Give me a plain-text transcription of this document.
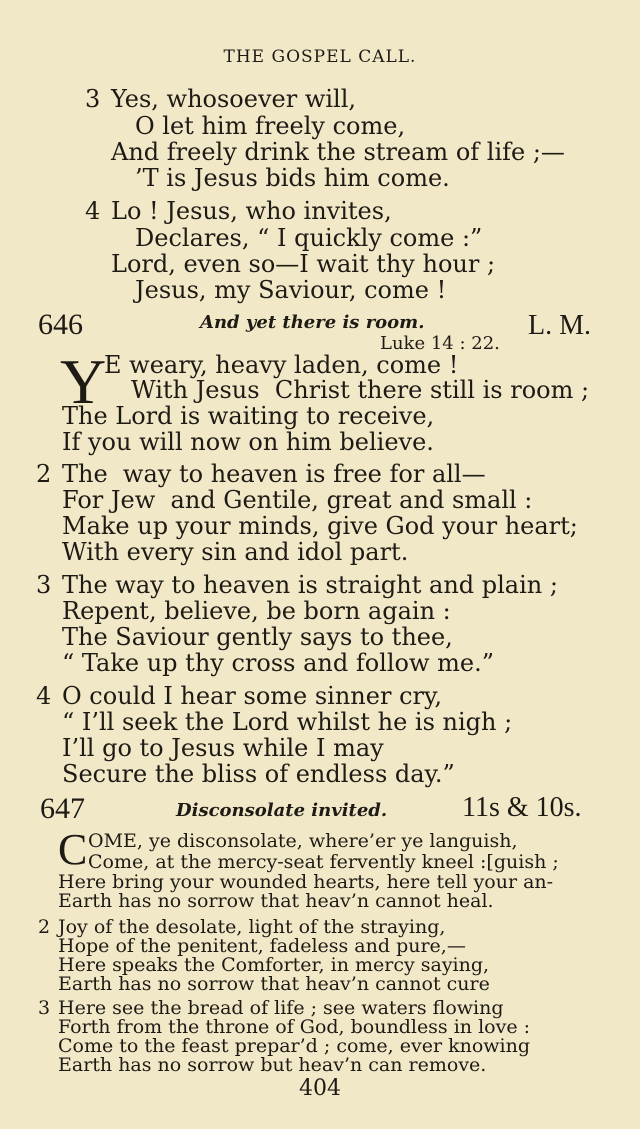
THE GOSPEL CALL.
3 Yes, whosoever will,
O let him freely come,
And freely drink the stream of life ;—
’T is Jesus bids him come.
4 Lo ! Jesus, who invites,
Declares, “ I quickly come :”
Lord, even so—I wait thy hour ;
Jesus, my Saviour, come !
646	And yet there is room.
Luke 14 : 22.
L. M.
Y
E weary, heavy laden, come !
With Jesus  Christ there still is room ;
The Lord is waiting to receive,
If you will now on him believe.
2 The  way to heaven is free for all—
For Jew  and Gentile, great and small :
Make up your minds, give God your heart;
With every sin and idol part.
3 The way to heaven is straight and plain ;
Repent, believe, be born again :
The Saviour gently says to thee,
“ Take up thy cross and follow me.”
4 O could I hear some sinner cry,
“ I’ll seek the Lord whilst he is nigh ;
I’ll go to Jesus while I may
Secure the bliss of endless day.”
647	Disconsolate invited.	11s & 10s.
C OME, ye disconsolate, where’er ye languish,
Come, at the mercy-seat fervently kneel :[guish ;
Here bring your wounded hearts, here tell your an-
Earth has no sorrow that heav’n cannot heal.
2 Joy of the desolate, light of the straying,
Hope of the penitent, fadeless and pure,—
Here speaks the Comforter, in mercy saying,
Earth has no sorrow that heav’n cannot cure
3 Here see the bread of life ; see waters flowing
Forth from the throne of God, boundless in love :
Come to the feast prepar’d ; come, ever knowing
Earth has no sorrow but heav’n can remove.
404
